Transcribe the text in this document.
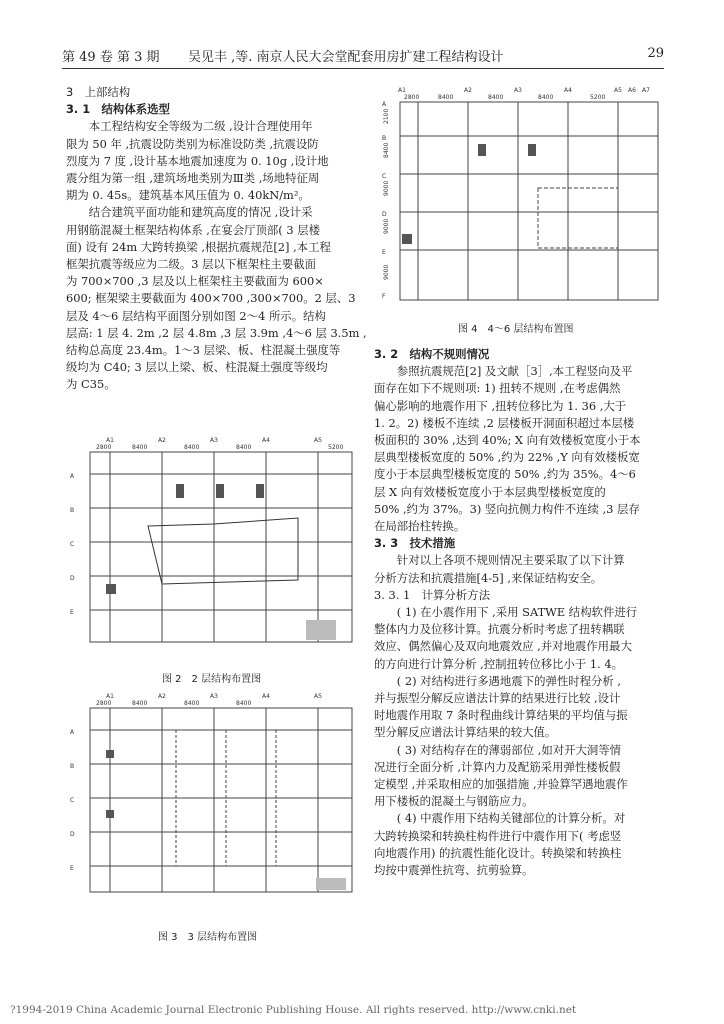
第 49 卷 第 3 期 吴见丰 ,等. 南京人民大会堂配套用房扩建工程结构设计	29
3　上部结构
3. 1　结构体系选型
本工程结构安全等级为二级 ,设计合理使用年
限为 50 年 ,抗震设防类别为标准设防类 ,抗震设防
烈度为 7 度 ,设计基本地震加速度为 0. 10g ,设计地
震分组为第一组 ,建筑场地类别为Ⅲ类 ,场地特征周
期为 0. 45s。建筑基本风压值为 0. 40kN/m²。
结合建筑平面功能和建筑高度的情况 ,设计采
用钢筋混凝土框架结构体系 ,在宴会厅顶部( 3 层楼
面) 设有 24m 大跨转换梁 ,根据抗震规范[2] ,本工程
框架抗震等级应为二级。3 层以下框架柱主要截面
为 700×700 ,3 层及以上框架柱主要截面为 600×
600; 框架梁主要截面为 400×700 ,300×700。2 层、3
层及 4～6 层结构平面图分别如图 2～4 所示。结构
层高: 1 层 4. 2m ,2 层 4.8m ,3 层 3.9m ,4～6 层 3.5m ,
结构总高度 23.4m。1～3 层梁、板、柱混凝土强度等
级均为 C40; 3 层以上梁、板、柱混凝土强度等级均
为 C35。
A1	A2	A3	A4	A5
2800	8400	8400	8400	5200
A
B
C
D
E
图 2　2 层结构布置图
A1	A2	A3	A4	A5
2800	8400	8400	8400
A
B
C
D
E
图 3　3 层结构布置图
A1	A2	A3	A4	A5	A7
2800	8400	8400	8400
B
C
D
E
F
8400
9000
9000
9000
2100
5200
A6
A
图 4　4～6 层结构布置图
3. 2　结构不规则情况
参照抗震规范[2] 及文献［3］,本工程竖向及平
面存在如下不规则项: 1) 扭转不规则 ,在考虑偶然
偏心影响的地震作用下 ,扭转位移比为 1. 36 ,大于
1. 2。2) 楼板不连续 ,2 层楼板开洞面积超过本层楼
板面积的 30% ,达到 40%; X 向有效楼板宽度小于本
层典型楼板宽度的 50% ,约为 22% ,Y 向有效楼板宽
度小于本层典型楼板宽度的 50% ,约为 35%。4～6
层 X 向有效楼板宽度小于本层典型楼板宽度的
50% ,约为 37%。3) 竖向抗侧力构件不连续 ,3 层存
在局部抬柱转换。
3. 3　技术措施
针对以上各项不规则情况主要采取了以下计算
分析方法和抗震措施[4-5] ,来保证结构安全。
3. 3. 1　计算分析方法
( 1) 在小震作用下 ,采用 SATWE 结构软件进行
整体内力及位移计算。抗震分析时考虑了扭转耦联
效应、偶然偏心及双向地震效应 ,并对地震作用最大
的方向进行计算分析 ,控制扭转位移比小于 1. 4。
( 2) 对结构进行多遇地震下的弹性时程分析 ,
并与振型分解反应谱法计算的结果进行比较 ,设计
时地震作用取 7 条时程曲线计算结果的平均值与振
型分解反应谱法计算结果的较大值。
( 3) 对结构存在的薄弱部位 ,如对开大洞等情
况进行全面分析 ,计算内力及配筋采用弹性楼板假
定模型 ,并采取相应的加强措施 ,并验算罕遇地震作
用下楼板的混凝土与钢筋应力。
( 4) 中震作用下结构关键部位的计算分析。对
大跨转换梁和转换柱构件进行中震作用下( 考虑竖
向地震作用) 的抗震性能化设计。转换梁和转换柱
均按中震弹性抗弯、抗剪验算。
?1994-2019 China Academic Journal Electronic Publishing House. All rights reserved. http://www.cnki.net
